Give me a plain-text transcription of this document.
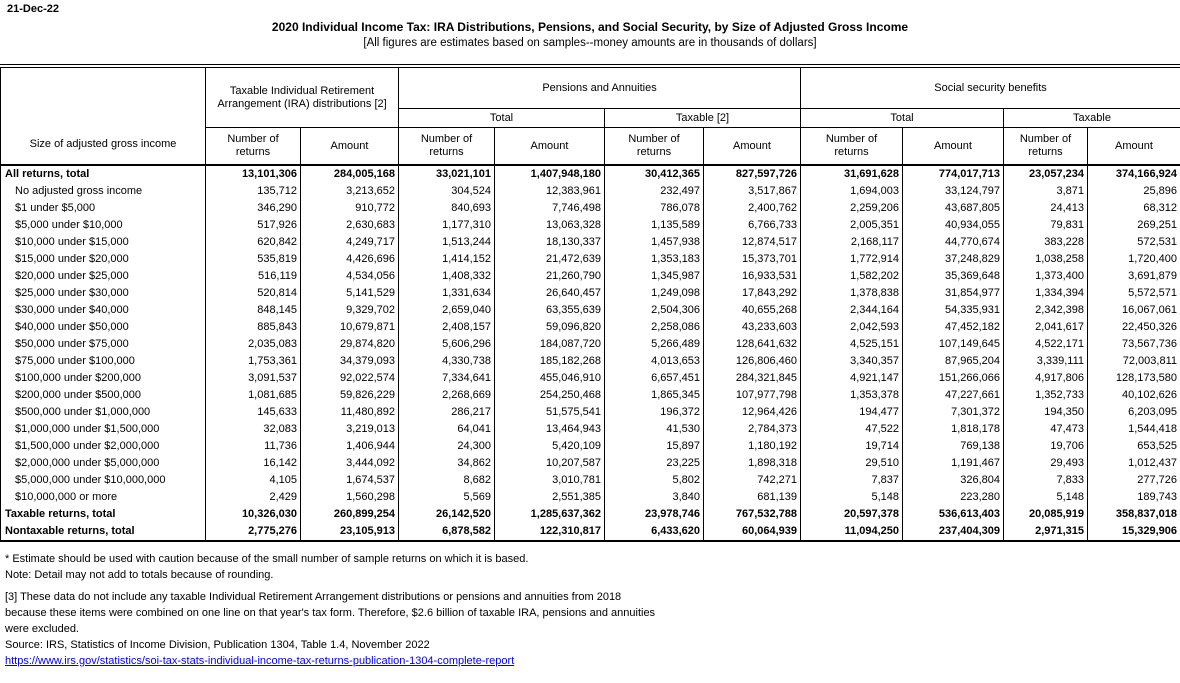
21-Dec-22
2020 Individual Income Tax: IRA Distributions, Pensions, and Social Security, by Size of Adjusted Gross Income
[All figures are estimates based on samples--money amounts are in thousands of dollars]
Size of adjusted gross income	Taxable Individual Retirement Arrangement (IRA) distributions [2]		Pensions and Annuities				Social security benefits			
			Total		Taxable [2]		Total		Taxable	
	Number of returns	Amount	Number of returns	Amount	Number of returns	Amount	Number of returns	Amount	Number of returns	Amount
All returns, total	13,101,306	284,005,168	33,021,101	1,407,948,180	30,412,365	827,597,726	31,691,628	774,017,713	23,057,234	374,166,924
No adjusted gross income	135,712	3,213,652	304,524	12,383,961	232,497	3,517,867	1,694,003	33,124,797	3,871	25,896
$1 under $5,000	346,290	910,772	840,693	7,746,498	786,078	2,400,762	2,259,206	43,687,805	24,413	68,312
$5,000 under $10,000	517,926	2,630,683	1,177,310	13,063,328	1,135,589	6,766,733	2,005,351	40,934,055	79,831	269,251
$10,000 under $15,000	620,842	4,249,717	1,513,244	18,130,337	1,457,938	12,874,517	2,168,117	44,770,674	383,228	572,531
$15,000 under $20,000	535,819	4,426,696	1,414,152	21,472,639	1,353,183	15,373,701	1,772,914	37,248,829	1,038,258	1,720,400
$20,000 under $25,000	516,119	4,534,056	1,408,332	21,260,790	1,345,987	16,933,531	1,582,202	35,369,648	1,373,400	3,691,879
$25,000 under $30,000	520,814	5,141,529	1,331,634	26,640,457	1,249,098	17,843,292	1,378,838	31,854,977	1,334,394	5,572,571
$30,000 under $40,000	848,145	9,329,702	2,659,040	63,355,639	2,504,306	40,655,268	2,344,164	54,335,931	2,342,398	16,067,061
$40,000 under $50,000	885,843	10,679,871	2,408,157	59,096,820	2,258,086	43,233,603	2,042,593	47,452,182	2,041,617	22,450,326
$50,000 under $75,000	2,035,083	29,874,820	5,606,296	184,087,720	5,266,489	128,641,632	4,525,151	107,149,645	4,522,171	73,567,736
$75,000 under $100,000	1,753,361	34,379,093	4,330,738	185,182,268	4,013,653	126,806,460	3,340,357	87,965,204	3,339,111	72,003,811
$100,000 under $200,000	3,091,537	92,022,574	7,334,641	455,046,910	6,657,451	284,321,845	4,921,147	151,266,066	4,917,806	128,173,580
$200,000 under $500,000	1,081,685	59,826,229	2,268,669	254,250,468	1,865,345	107,977,798	1,353,378	47,227,661	1,352,733	40,102,626
$500,000 under $1,000,000	145,633	11,480,892	286,217	51,575,541	196,372	12,964,426	194,477	7,301,372	194,350	6,203,095
$1,000,000 under $1,500,000	32,083	3,219,013	64,041	13,464,943	41,530	2,784,373	47,522	1,818,178	47,473	1,544,418
$1,500,000 under $2,000,000	11,736	1,406,944	24,300	5,420,109	15,897	1,180,192	19,714	769,138	19,706	653,525
$2,000,000 under $5,000,000	16,142	3,444,092	34,862	10,207,587	23,225	1,898,318	29,510	1,191,467	29,493	1,012,437
$5,000,000 under $10,000,000	4,105	1,674,537	8,682	3,010,781	5,802	742,271	7,837	326,804	7,833	277,726
$10,000,000 or more	2,429	1,560,298	5,569	2,551,385	3,840	681,139	5,148	223,280	5,148	189,743
Taxable returns, total	10,326,030	260,899,254	26,142,520	1,285,637,362	23,978,746	767,532,788	20,597,378	536,613,403	20,085,919	358,837,018
Nontaxable returns, total	2,775,276	23,105,913	6,878,582	122,310,817	6,433,620	60,064,939	11,094,250	237,404,309	2,971,315	15,329,906
* Estimate should be used with caution because of the small number of sample returns on which it is based.
Note: Detail may not add to totals because of rounding.
[3] These data do not include any taxable Individual Retirement Arrangement distributions or pensions and annuities from 2018
because these items were combined on one line on that year's tax form. Therefore, $2.6 billion of taxable IRA, pensions and annuities
were excluded.
Source: IRS, Statistics of Income Division, Publication 1304, Table 1.4, November 2022
https://www.irs.gov/statistics/soi-tax-stats-individual-income-tax-returns-publication-1304-complete-report
